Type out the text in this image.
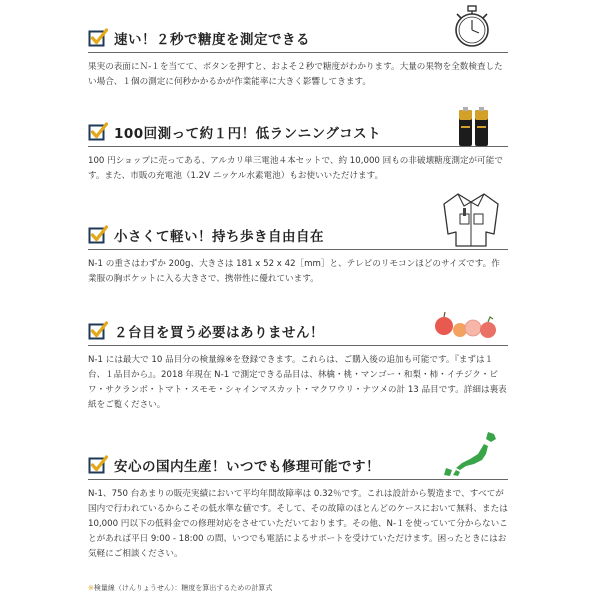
速い！２秒で糖度を測定できる
果実の表面にＮ-１を当てて、ボタンを押すと、およそ２秒で糖度がわかります。大量の果物を全数検査したい場合、１個の測定に何秒かかるかが作業能率に大きく影響してきます。
100回測って約１円！低ランニングコスト
100 円ショップに売ってある、アルカリ単三電池４本セットで、約 10,000 回もの非破壊糖度測定が可能です。また、市販の充電池（1.2V ニッケル水素電池）もお使いいただけます。
小さくて軽い！持ち歩き自由自在
N-1 の重さはわずか 200g、大きさは 181 x 52 x 42［mm］と、テレビのリモコンほどのサイズです。作業服の胸ポケットに入る大きさで、携帯性に優れています。
２台目を買う必要はありません！
N-1 には最大で 10 品目分の検量線※を登録できます。これらは、ご購入後の追加も可能です。『まずは１台、１品目から』。2018 年現在 N-1 で測定できる品目は、林檎・桃・マンゴー・和梨・柿・イチジク・ビワ・サクランボ・トマト・スモモ・シャインマスカット・マクワウリ・ナツメの計 13 品目です。詳細は裏表紙をご覧ください。
安心の国内生産！いつでも修理可能です！
N-1、750 台あまりの販売実績において平均年間故障率は 0.32％です。これは設計から製造まで、すべてが国内で行われているからこその低水準な値です。そして、その故障のほとんどのケースにおいて無料、または 10,000 円以下の低料金での修理対応をさせていただいております。その他、N-１を使っていて分からないことがあれば平日 9:00 - 18:00 の間、いつでも電話によるサポートを受けていただけます。困ったときにはお気軽にご相談ください。
※検量線（けんりょうせん）：糖度を算出するための計算式
